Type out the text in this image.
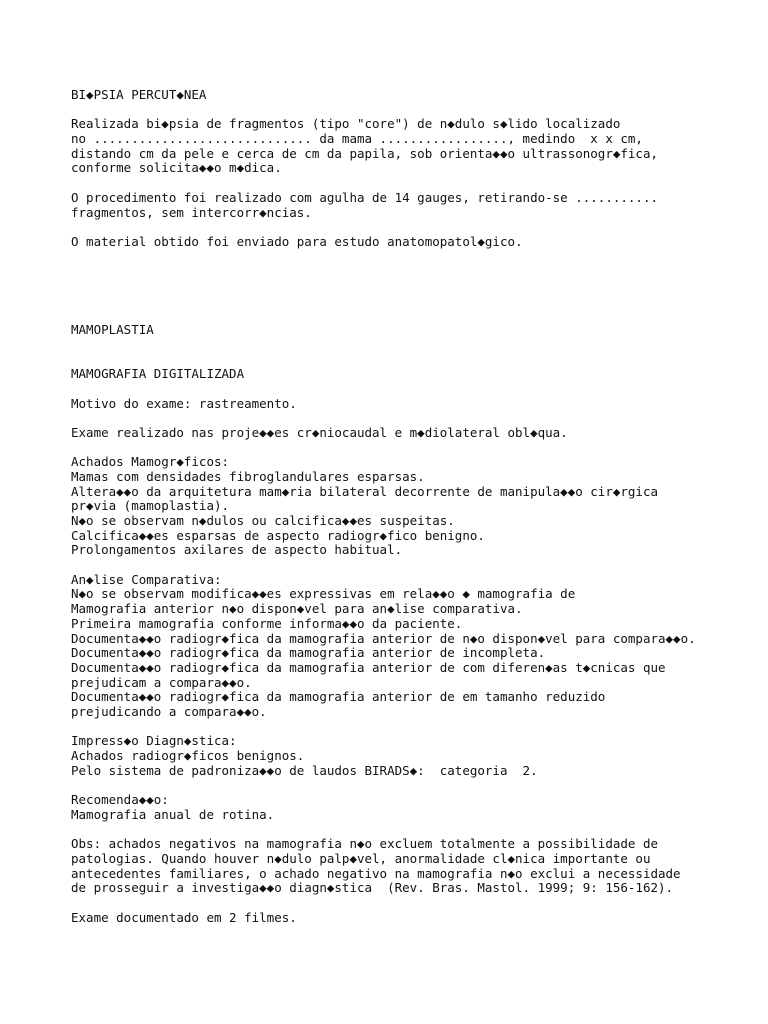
BI◆PSIA PERCUT◆NEA
Realizada bi◆psia de fragmentos (tipo "core") de n◆dulo s◆lido localizado
no ............................. da mama ................., medindo  x x cm,
distando cm da pele e cerca de cm da papila, sob orienta◆◆o ultrassonogr◆fica,
conforme solicita◆◆o m◆dica.
O procedimento foi realizado com agulha de 14 gauges, retirando-se ...........
fragmentos, sem intercorr◆ncias.
O material obtido foi enviado para estudo anatomopatol◆gico.
MAMOPLASTIA
MAMOGRAFIA DIGITALIZADA
Motivo do exame: rastreamento.
Exame realizado nas proje◆◆es cr◆niocaudal e m◆diolateral obl◆qua.
Achados Mamogr◆ficos:
Mamas com densidades fibroglandulares esparsas.
Altera◆◆o da arquitetura mam◆ria bilateral decorrente de manipula◆◆o cir◆rgica
pr◆via (mamoplastia).
N◆o se observam n◆dulos ou calcifica◆◆es suspeitas.
Calcifica◆◆es esparsas de aspecto radiogr◆fico benigno.
Prolongamentos axilares de aspecto habitual.
An◆lise Comparativa:
N◆o se observam modifica◆◆es expressivas em rela◆◆o ◆ mamografia de
Mamografia anterior n◆o dispon◆vel para an◆lise comparativa.
Primeira mamografia conforme informa◆◆o da paciente.
Documenta◆◆o radiogr◆fica da mamografia anterior de n◆o dispon◆vel para compara◆◆o.
Documenta◆◆o radiogr◆fica da mamografia anterior de incompleta.
Documenta◆◆o radiogr◆fica da mamografia anterior de com diferen◆as t◆cnicas que
prejudicam a compara◆◆o.
Documenta◆◆o radiogr◆fica da mamografia anterior de em tamanho reduzido
prejudicando a compara◆◆o.
Impress◆o Diagn◆stica:
Achados radiogr◆ficos benignos.
Pelo sistema de padroniza◆◆o de laudos BIRADS◆:  categoria  2.
Recomenda◆◆o:
Mamografia anual de rotina.
Obs: achados negativos na mamografia n◆o excluem totalmente a possibilidade de
patologias. Quando houver n◆dulo palp◆vel, anormalidade cl◆nica importante ou
antecedentes familiares, o achado negativo na mamografia n◆o exclui a necessidade
de prosseguir a investiga◆◆o diagn◆stica  (Rev. Bras. Mastol. 1999; 9: 156-162).
Exame documentado em 2 filmes.
